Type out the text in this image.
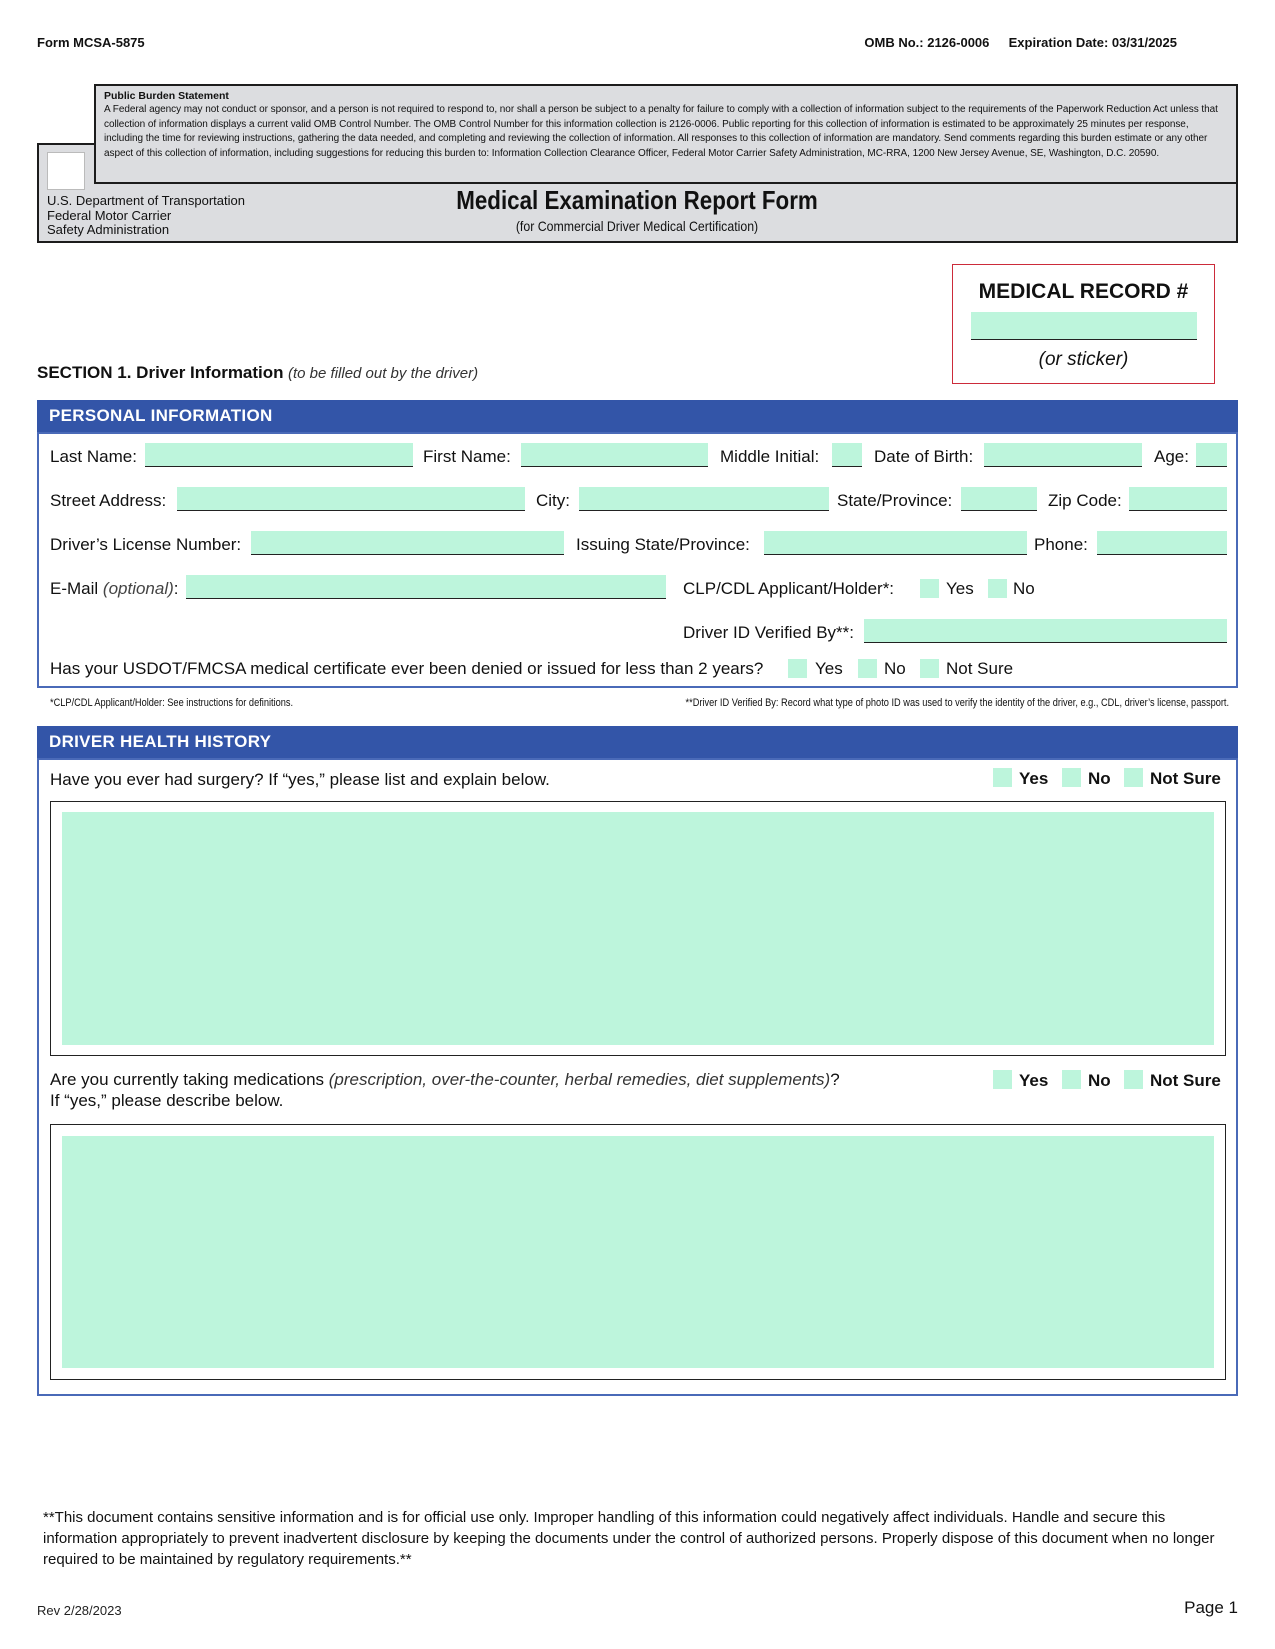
Form MCSA-5875	OMB No.: 2126-0006 Expiration Date: 03/31/2025
Public Burden Statement
A Federal agency may not conduct or sponsor, and a person is not required to respond to, nor shall a person be subject to a penalty for failure to comply with a collection of information subject to the requirements of the Paperwork Reduction Act unless that collection of information displays a current valid OMB Control Number. The OMB Control Number for this information collection is 2126-0006. Public reporting for this collection of information is estimated to be approximately 25 minutes per response, including the time for reviewing instructions, gathering the data needed, and completing and reviewing the collection of information. All responses to this collection of information are mandatory. Send comments regarding this burden estimate or any other aspect of this collection of information, including suggestions for reducing this burden to: Information Collection Clearance Officer, Federal Motor Carrier Safety Administration, MC-RRA, 1200 New Jersey Avenue, SE, Washington, D.C. 20590.
U.S. Department of Transportation
Federal Motor Carrier
Safety Administration
Medical Examination Report Form
(for Commercial Driver Medical Certification)
MEDICAL RECORD #
(or sticker)
SECTION 1. Driver Information (to be filled out by the driver)
PERSONAL INFORMATION
Last Name:	First Name:	Middle Initial:	Date of Birth:	Age:
Street Address:	City:	State/Province:	Zip Code:
Driver’s License Number:	Issuing State/Province:	Phone:
E-Mail (optional):	CLP/CDL Applicant/Holder*:	Yes No
Driver ID Verified By**:
Has your USDOT/FMCSA medical certificate ever been denied or issued for less than 2 years?	Yes No Not Sure
*CLP/CDL Applicant/Holder: See instructions for definitions.	**Driver ID Verified By: Record what type of photo ID was used to verify the identity of the driver, e.g., CDL, driver’s license, passport.
DRIVER HEALTH HISTORY
Have you ever had surgery? If “yes,” please list and explain below.	Yes No Not Sure
Are you currently taking medications (prescription, over-the-counter, herbal remedies, diet supplements)?
If “yes,” please describe below.
Yes No Not Sure
**This document contains sensitive information and is for official use only. Improper handling of this information could negatively affect individuals. Handle and secure this information appropriately to prevent inadvertent disclosure by keeping the documents under the control of authorized persons. Properly dispose of this document when no longer required to be maintained by regulatory requirements.**
Rev 2/28/2023	Page 1
